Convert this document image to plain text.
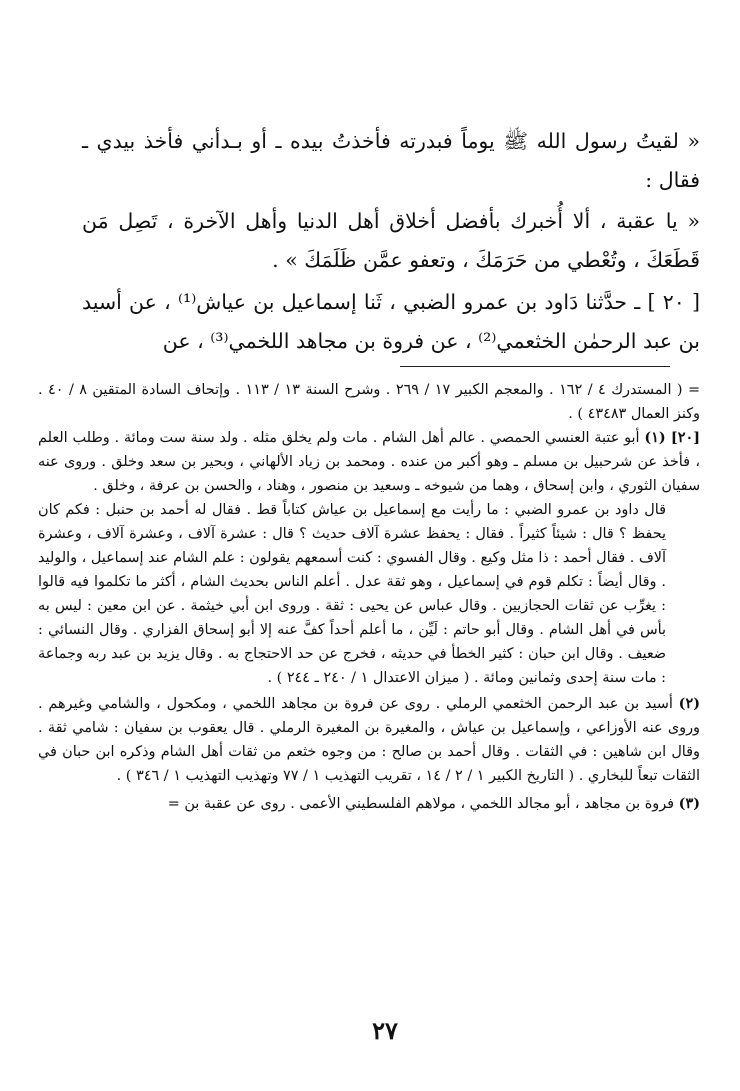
« لقيتُ رسول الله ﷺ يوماً فبدرته فأخذتُ بيده ـ أو بـدأني فأخذ بيدي ـ فقال :

« يا عقبة ، ألا أُخبرك بأفضل أخلاق أهل الدنيا وأهل الآخرة ، تَصِل مَن قَطَعَكَ ، وتُعْطي من حَرَمَكَ ، وتعفو عمَّن ظَلَمَكَ » .

[ ٢٠ ] ـ حدَّثنا دَاود بن عمرو الضبي ، ثَنا إسماعيل بن عياش⁽¹⁾ ، عن أسيد بن عبد الرحمٰن الخثعمي⁽²⁾ ، عن فروة بن مجاهد اللخمي⁽³⁾ ، عن

= ( المستدرك ٤ / ١٦٢ . والمعجم الكبير ١٧ / ٢٦٩ . وشرح السنة ١٣ / ١١٣ . وإتحاف السادة المتقين ٨ / ٤٠ . وكنز العمال ٤٣٤٨٣ ) .

[٢٠] (١) أبو عتبة العنسي الحمصي . عالم أهل الشام . مات ولم يخلق مثله . ولد سنة ست ومائة . وطلب العلم ، فأخذ عن شرحبيل بن مسلم ـ وهو أكبر من عنده . ومحمد بن زياد الألهاني ، وبحير بن سعد وخلق . وروى عنه سفيان الثوري ، وابن إسحاق ، وهما من شيوخه ـ وسعيد بن منصور ، وهناد ، والحسن بن عرفة ، وخلق .

قال داود بن عمرو الضبي : ما رأيت مع إسماعيل بن عياش كتاباً قط . فقال له أحمد بن حنبل : فكم كان يحفظ ؟ قال : شيئاً كثيراً . فقال : يحفظ عشرة آلاف حديث ؟ قال : عشرة آلاف ، وعشرة آلاف ، وعشرة آلاف . فقال أحمد : ذا مثل وكيع . وقال الفسوي : كنت أسمعهم يقولون : علم الشام عند إسماعيل ، والوليد . وقال أيضاً : تكلم قوم في إسماعيل ، وهو ثقة عدل . أعلم الناس بحديث الشام ، أكثر ما تكلموا فيه قالوا : يغرِّب عن ثقات الحجازيين . وقال عباس عن يحيى : ثقة . وروى ابن أبي خيثمة . عن ابن معين : ليس به بأس في أهل الشام . وقال أبو حاتم : لَيِّن ، ما أعلم أحداً كفَّ عنه إلا أبو إسحاق الفزاري . وقال النسائي : ضعيف . وقال ابن حبان : كثير الخطأ في حديثه ، فخرج عن حد الاحتجاج به . وقال يزيد بن عبد ربه وجماعة : مات سنة إحدى وثمانين ومائة . ( ميزان الاعتدال ١ / ٢٤٠ ـ ٢٤٤ ) .

(٢) أسيد بن عبد الرحمن الخثعمي الرملي . روى عن فروة بن مجاهد اللخمي ، ومكحول ، والشامي وغيرهم . وروى عنه الأوزاعي ، وإسماعيل بن عياش ، والمغيرة بن المغيرة الرملي . قال يعقوب بن سفيان : شامي ثقة . وقال ابن شاهين : في الثقات . وقال أحمد بن صالح : من وجوه خثعم من ثقات أهل الشام وذكره ابن حبان في الثقات تبعاً للبخاري . ( التاريخ الكبير ١ / ٢ / ١٤ ، تقريب التهذيب ١ / ٧٧ وتهذيب التهذيب ١ / ٣٤٦ ) .

(٣) فروة بن مجاهد ، أبو مجالد اللخمي ، مولاهم الفلسطيني الأعمى . روى عن عقبة بن =

٢٧
